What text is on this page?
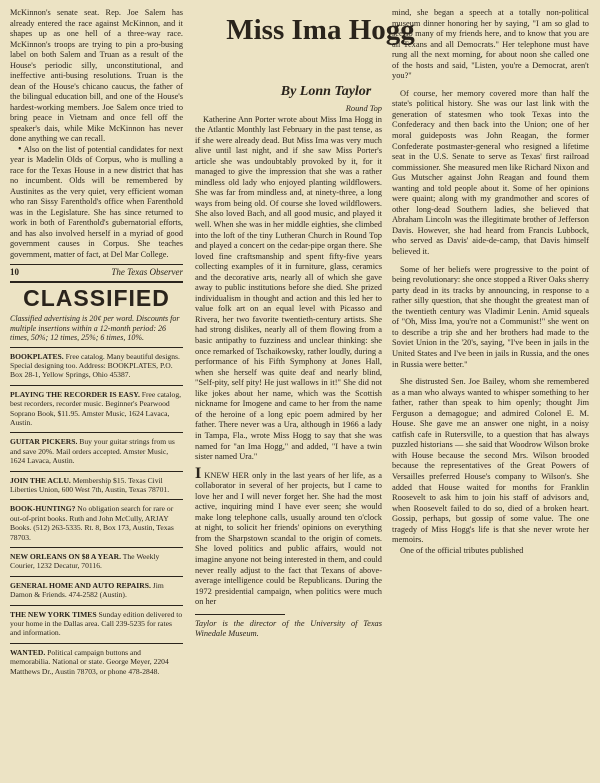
McKinnon's senate seat. Rep. Joe Salem has already entered the race against McKinnon, and it shapes up as one hell of a three-way race. McKinnon's troops are trying to pin a pro-busing label on both Salem and Truan as a result of the House's periodic silly, unconstitutional, and ineffective anti-busing resolutions. Truan is the dean of the House's chicano caucus, the father of the bilingual education bill, and one of the House's hardest-working members. Joe Salem once tried to bring peace in Vietnam and once fell off the speaker's dais, while Mike McKinnon has never done anything we can recall.

• Also on the list of potential candidates for next year is Madelin Olds of Corpus, who is mulling a race for the Texas House in a new district that has no incumbent. Olds will be remembered by Austinites as the very quiet, very efficient woman who ran Sissy Farenthold's office when Farenthold was in the Legislature. She has since returned to work in both of Farenthold's gubernatorial efforts, and has also involved herself in a myriad of good government causes in Corpus. She teaches government, matter of fact, at Del Mar College.

10	The Texas Observer
CLASSIFIED
Classified advertising is 20¢ per word. Discounts for multiple insertions within a 12-month period: 26 times, 50%; 12 times, 25%; 6 times, 10%.
BOOKPLATES. Free catalog. Many beautiful designs. Special designing too. Address: BOOKPLATES, P.O. Box 28-1, Yellow Springs, Ohio 45387.
PLAYING THE RECORDER IS EASY. Free catalog, best recorders, recorder music. Beginner's Pearwood Soprano Book, $11.95. Amster Music, 1624 Lavaca, Austin.
GUITAR PICKERS. Buy your guitar strings from us and save 20%. Mail orders accepted. Amster Music, 1624 Lavaca, Austin.
JOIN THE ACLU. Membership $15. Texas Civil Liberties Union, 600 West 7th, Austin, Texas 78701.
BOOK-HUNTING? No obligation search for rare or out-of-print books. Ruth and John McCully, ARJAY Books. (512) 263-5335. Rt. 8, Box 173, Austin, Texas 78703.
NEW ORLEANS ON $8 A YEAR. The Weekly Courier, 1232 Decatur, 70116.
GENERAL HOME AND AUTO REPAIRS. Jim Damon & Friends. 474-2582 (Austin).
THE NEW YORK TIMES Sunday edition delivered to your home in the Dallas area. Call 239-5235 for rates and information.
WANTED. Political campaign buttons and memorabilia. National or state. George Meyer, 2204 Matthews Dr., Austin 78703, or phone 478-2848.
Miss Ima Hogg
By Lonn Taylor

Round Top

Katherine Ann Porter wrote about Miss Ima Hogg in the Atlantic Monthly last February in the past tense, as if she were already dead. But Miss Ima was very much alive until last night, and if she saw Miss Porter's article she was undoubtably provoked by it, for it managed to give the impression that she was a rather mindless old lady who enjoyed planting wildflowers. She was far from mindless and, at ninety-three, a long ways from being old. Of course she loved wildflowers. She also loved Bach, and all good music, and played it well. When she was in her middle eighties, she climbed into the loft of the tiny Lutheran Church in Round Top and played a concert on the cedar-pipe organ there. She loved fine craftsmanship and spent fifty-five years collecting examples of it in furniture, glass, ceramics and the decorative arts, nearly all of which she gave away to public institutions before she died. She prized individualism in thought and action and this led her to value folk art on an equal level with Picasso and Rivera, her two favorite twentieth-century artists. She had strong dislikes, nearly all of them flowing from a basic antipathy to fuzziness and unclear thinking: she once remarked of Tschaikowsky, rather loudly, during a performance of his Fifth Symphony at Jones Hall, when she herself was quite deaf and nearly blind, "Self-pity, self pity! He just wallows in it!" She did not like jokes about her name, which was the Scottish nickname for Imogene and came to her from the name of the heroine of a long epic poem admired by her father. There never was a Ura, although in 1966 a lady in Tampa, Fla., wrote Miss Hogg to say that she was named for "an Ima Hogg," and added, "I have a twin sister named Ura."

I KNEW HER only in the last years of her life, as a collaborator in several of her projects, but I came to love her and I will never forget her. She had the most active, inquiring mind I have ever seen; she would make long telephone calls, usually around ten o'clock at night, to solicit her friends' opinions on everything from the Sharpstown scandal to the origin of comets. She loved politics and public affairs, would not imagine anyone not being interested in them, and could never really adjust to the fact that Texans of above-average intelligence could be Republicans. During the 1972 presidential campaign, when politics were much on her

Taylor is the director of the University of Texas Winedale Museum.

mind, she began a speech at a totally non-political museum dinner honoring her by saying, "I am so glad to see so many of my friends here, and to know that you are all Texans and all Democrats." Her telephone must have rung all the next morning, for about noon she called one of the hosts and said, "Listen, you're a Democrat, aren't you?"

Of course, her memory covered more than half the state's political history. She was our last link with the generation of statesmen who took Texas into the Confederacy and then back into the Union; one of her moral guideposts was John Reagan, the former Confederate postmaster-general who resigned a lifetime seat in the U.S. Senate to serve as Texas' first railroad commissioner. She measured men like Richard Nixon and Gus Mutscher against John Reagan and found them wanting and told people about it. Some of her opinions were quaint; along with my grandmother and scores of other long-dead Southern ladies, she believed that Abraham Lincoln was the illegitimate brother of Jefferson Davis. However, she had heard from Francis Lubbock, who served as Davis' aide-de-camp, that Davis himself believed it.

Some of her beliefs were progressive to the point of being revolutionary: she once stopped a River Oaks sherry party dead in its tracks by announcing, in response to a rather silly question, that she thought the greatest man of the twentieth century was Vladimir Lenin. Amid squeals of "Oh, Miss Ima, you're not a Communist!" she went on to describe a trip she and her brothers had made to the Soviet Union in the '20's, saying, "I've been in jails in the United States and I've been in jails in Russia, and the ones in Russia were better."

She distrusted Sen. Joe Bailey, whom she remembered as a man who always wanted to whisper something to her father, rather than speak to him openly; thought Jim Ferguson a demagogue; and admired Colonel E. M. House. She gave me an answer one night, in a noisy catfish cafe in Rutersville, to a question that has always puzzled historians — she said that Woodrow Wilson broke with House because the second Mrs. Wilson brooded because the representatives of the Great Powers of Versailles preferred House's company to Wilson's. She added that House waited for months for Franklin Roosevelt to ask him to join his staff of advisors and, when Roosevelt failed to do so, died of a broken heart. Gossip, perhaps, but gossip of some value. The one tragedy of Miss Hogg's life is that she never wrote her memoirs.

One of the official tributes published
